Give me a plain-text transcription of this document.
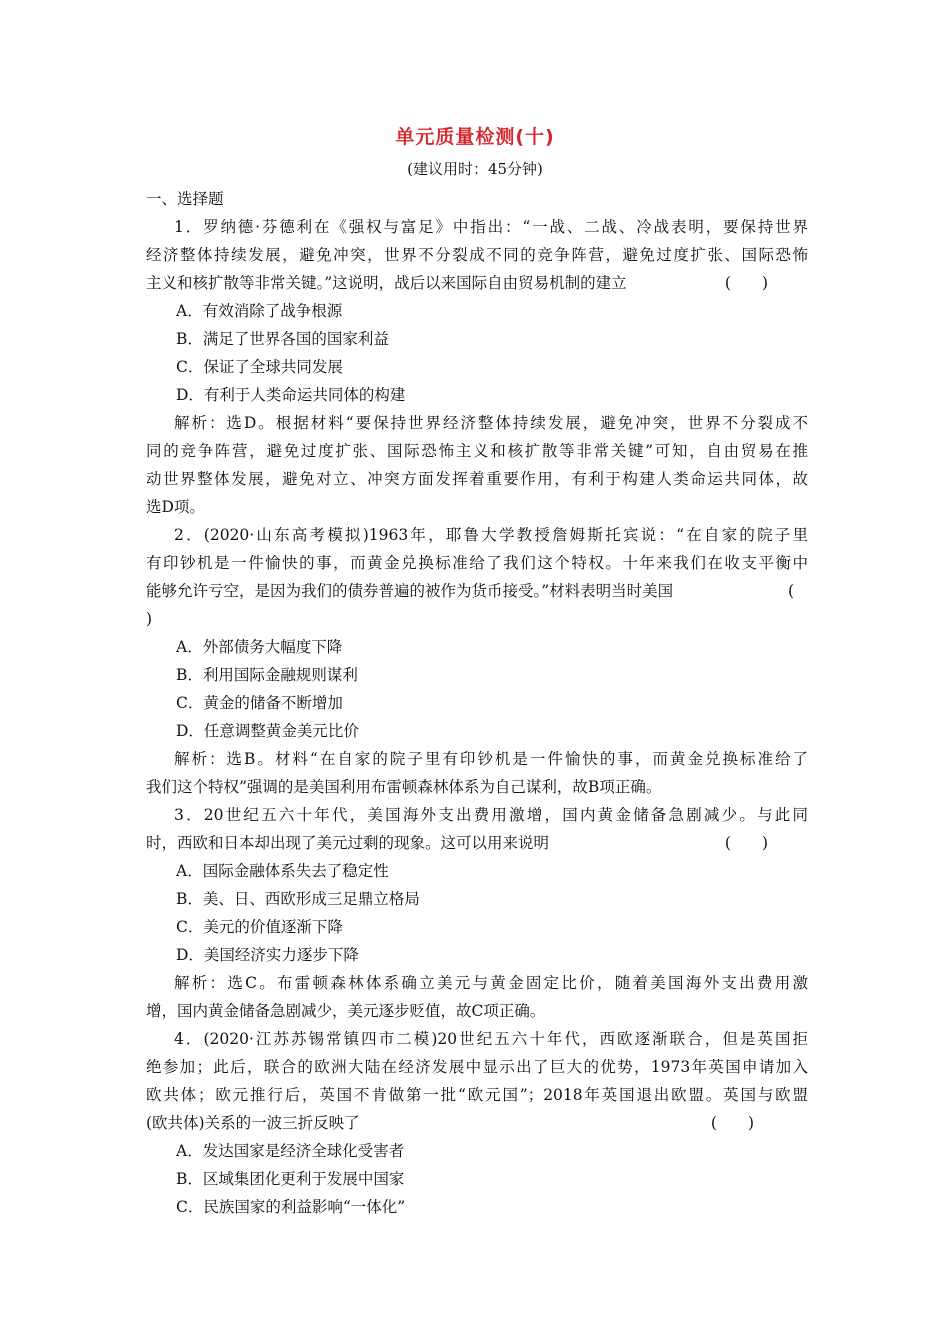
单元质量检测(十)
(建议用时：45分钟)
一、选择题
1．罗纳德·芬德利在《强权与富足》中指出：“一战、二战、冷战表明，要保持世界
经济整体持续发展，避免冲突，世界不分裂成不同的竞争阵营，避免过度扩张、国际恐怖
主义和核扩散等非常关键。”这说明，战后以来国际自由贸易机制的建立	(　　)
A．有效消除了战争根源
B．满足了世界各国的国家利益
C．保证了全球共同发展
D．有利于人类命运共同体的构建
解析：选D。根据材料“要保持世界经济整体持续发展，避免冲突，世界不分裂成不
同的竞争阵营，避免过度扩张、国际恐怖主义和核扩散等非常关键”可知，自由贸易在推
动世界整体发展，避免对立、冲突方面发挥着重要作用，有利于构建人类命运共同体，故
选D项。
2．(2020·山东高考模拟)1963年，耶鲁大学教授詹姆斯托宾说：“在自家的院子里
有印钞机是一件愉快的事，而黄金兑换标准给了我们这个特权。十年来我们在收支平衡中
能够允许亏空，是因为我们的债券普遍的被作为货币接受。”材料表明当时美国	(
)
A．外部债务大幅度下降
B．利用国际金融规则谋利
C．黄金的储备不断增加
D．任意调整黄金美元比价
解析：选B。材料“在自家的院子里有印钞机是一件愉快的事，而黄金兑换标准给了
我们这个特权”强调的是美国利用布雷顿森林体系为自己谋利，故B项正确。
3．20世纪五六十年代，美国海外支出费用激增，国内黄金储备急剧减少。与此同
时，西欧和日本却出现了美元过剩的现象。这可以用来说明	(　　)
A．国际金融体系失去了稳定性
B．美、日、西欧形成三足鼎立格局
C．美元的价值逐渐下降
D．美国经济实力逐步下降
解析：选C。布雷顿森林体系确立美元与黄金固定比价，随着美国海外支出费用激
增，国内黄金储备急剧减少，美元逐步贬值，故C项正确。
4．(2020·江苏苏锡常镇四市二模)20世纪五六十年代，西欧逐渐联合，但是英国拒
绝参加；此后，联合的欧洲大陆在经济发展中显示出了巨大的优势，1973年英国申请加入
欧共体；欧元推行后，英国不肯做第一批“欧元国”；2018年英国退出欧盟。英国与欧盟
(欧共体)关系的一波三折反映了	(　　)
A．发达国家是经济全球化受害者
B．区域集团化更利于发展中国家
C．民族国家的利益影响“一体化”
